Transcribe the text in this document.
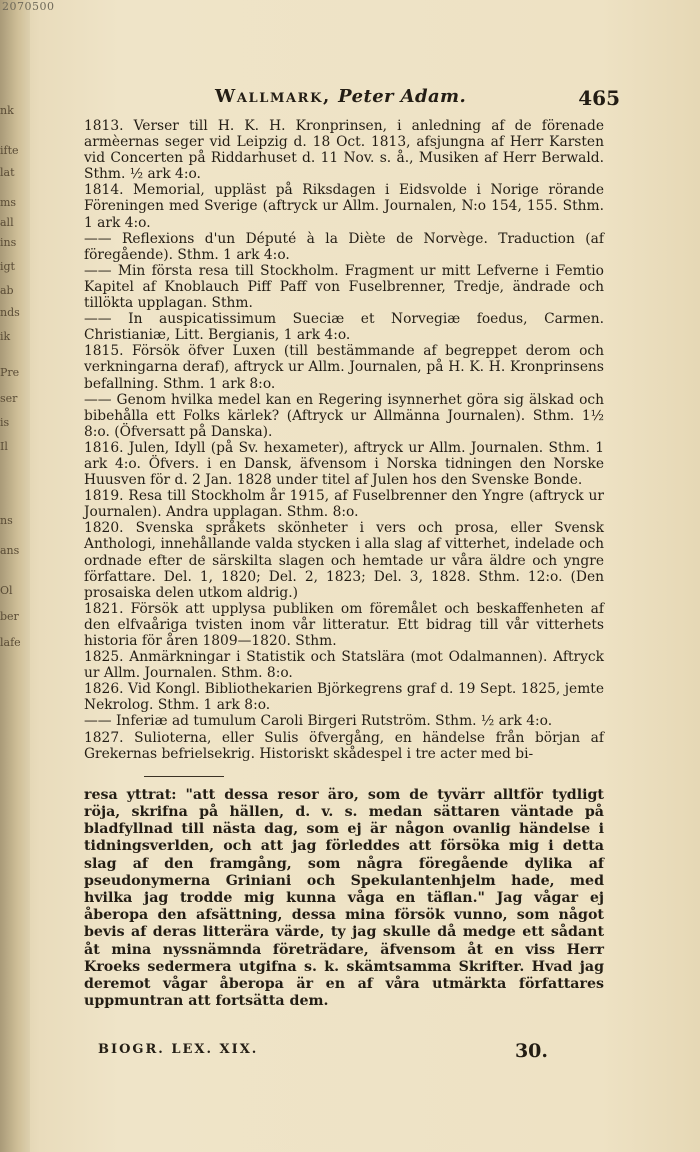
2070500
nk
ifte
lat
ms
all
ins
igt
ab
nds
ik
Pre
ser
is
Il
ns
ans
Ol
ber
lafe
Wallmark, Peter Adam.	465

1813. Verser till H. K. H. Kronprinsen, i anledning af de förenade armèernas seger vid Leipzig d. 18 Oct. 1813, afsjungna af Herr Karsten vid Concerten på Riddarhuset d. 11 Nov. s. å., Musiken af Herr Berwald. Sthm. ½ ark 4:o.

1814. Memorial, uppläst på Riksdagen i Eidsvolde i Norige rörande Föreningen med Sverige (aftryck ur Allm. Journalen, N:o 154, 155. Sthm. 1 ark 4:o.

—— Reflexions d'un Député à la Diète de Norvège. Traduction (af föregående). Sthm. 1 ark 4:o.

—— Min första resa till Stockholm. Fragment ur mitt Lefverne i Femtio Kapitel af Knoblauch Piff Paff von Fuselbrenner, Tredje, ändrade och tillökta upplagan. Sthm.

—— In auspicatissimum Sueciæ et Norvegiæ foedus, Carmen. Christianiæ, Litt. Bergianis, 1 ark 4:o.

1815. Försök öfver Luxen (till bestämmande af begreppet derom och verkningarna deraf), aftryck ur Allm. Journalen, på H. K. H. Kronprinsens befallning. Sthm. 1 ark 8:o.

—— Genom hvilka medel kan en Regering isynnerhet göra sig älskad och bibehålla ett Folks kärlek? (Aftryck ur Allmänna Journalen). Sthm. 1½ 8:o. (Öfversatt på Danska).

1816. Julen, Idyll (på Sv. hexameter), aftryck ur Allm. Journalen. Sthm. 1 ark 4:o. Öfvers. i en Dansk, äfvensom i Norska tidningen den Norske Huusven för d. 2 Jan. 1828 under titel af Julen hos den Svenske Bonde.

1819. Resa till Stockholm år 1915, af Fuselbrenner den Yngre (aftryck ur Journalen). Andra upplagan. Sthm. 8:o.

1820. Svenska språkets skönheter i vers och prosa, eller Svensk Anthologi, innehållande valda stycken i alla slag af vitterhet, indelade och ordnade efter de särskilta slagen och hemtade ur våra äldre och yngre författare. Del. 1, 1820; Del. 2, 1823; Del. 3, 1828. Sthm. 12:o. (Den prosaiska delen utkom aldrig.)

1821. Försök att upplysa publiken om föremålet och beskaffenheten af den elfvaåriga tvisten inom vår litteratur. Ett bidrag till vår vitterhets historia för åren 1809—1820. Sthm.

1825. Anmärkningar i Statistik och Statslära (mot Odalmannen). Aftryck ur Allm. Journalen. Sthm. 8:o.

1826. Vid Kongl. Bibliothekarien Björkegrens graf d. 19 Sept. 1825, jemte Nekrolog. Sthm. 1 ark 8:o.

—— Inferiæ ad tumulum Caroli Birgeri Rutström. Sthm. ½ ark 4:o.

1827. Sulioterna, eller Sulis öfvergång, en händelse från början af Grekernas befrielsekrig. Historiskt skådespel i tre acter med bi-

resa yttrat: "att dessa resor äro, som de tyvärr alltför tydligt röja, skrifna på hällen, d. v. s. medan sättaren väntade på bladfyllnad till nästa dag, som ej är någon ovanlig händelse i tidningsverlden, och att jag förleddes att försöka mig i detta slag af den framgång, som några föregående dylika af pseudonymerna Griniani och Spekulantenhjelm hade, med hvilka jag trodde mig kunna våga en täflan." Jag vågar ej åberopa den afsättning, dessa mina försök vunno, som något bevis af deras litterära värde, ty jag skulle då medge ett sådant åt mina nyssnämnda företrädare, äfvensom åt en viss Herr Kroeks sedermera utgifna s. k. skämtsamma Skrifter. Hvad jag deremot vågar åberopa är en af våra utmärkta författares uppmuntran att fortsätta dem.

BIOGR. LEX. XIX.	30.
